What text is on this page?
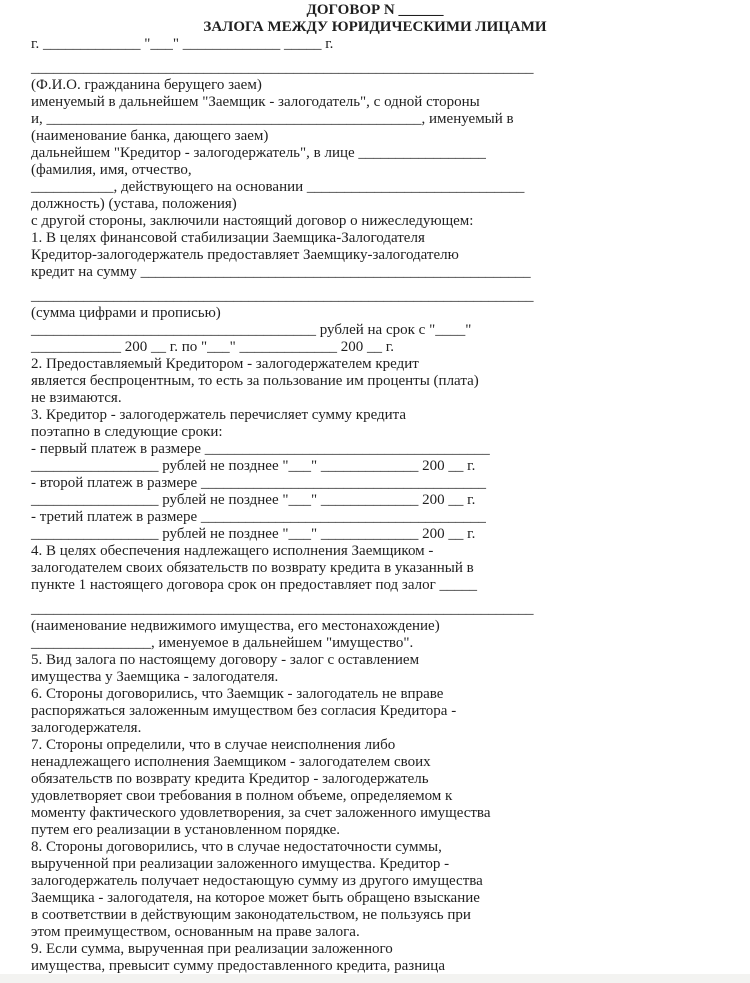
ДОГОВОР N ______
ЗАЛОГА МЕЖДУ ЮРИДИЧЕСКИМИ ЛИЦАМИ
г. _____________ "___" _____________ _____ г.
___________________________________________________________________
(Ф.И.О. гражданина берущего заем)
именуемый в дальнейшем "Заемщик - залогодатель", с одной стороны
и, __________________________________________________, именуемый в
(наименование банка, дающего заем)
дальнейшем "Кредитор - залогодержатель", в лице _________________
(фамилия, имя, отчество,
___________, действующего на основании _____________________________
должность) (устава, положения)
с другой стороны, заключили настоящий договор о нижеследующем:
1. В целях финансовой стабилизации Заемщика-Залогодателя
Кредитор-залогодержатель предоставляет Заемщику-залогодателю
кредит на сумму ____________________________________________________
___________________________________________________________________
(сумма цифрами и прописью)
______________________________________ рублей на срок с "____"
____________ 200 __ г. по "___" _____________ 200 __ г.
2. Предоставляемый Кредитором - залогодержателем кредит
является беспроцентным, то есть за пользование им проценты (плата)
не взимаются.
3. Кредитор - залогодержатель перечисляет сумму кредита
поэтапно в следующие сроки:
- первый платеж в размере ______________________________________
_________________ рублей не позднее "___" _____________ 200 __ г.
- второй платеж в размере ______________________________________
_________________ рублей не позднее "___" _____________ 200 __ г.
- третий платеж в размере ______________________________________
_________________ рублей не позднее "___" _____________ 200 __ г.
4. В целях обеспечения надлежащего исполнения Заемщиком -
залогодателем своих обязательств по возврату кредита в указанный в
пункте 1 настоящего договора срок он предоставляет под залог _____
___________________________________________________________________
(наименование недвижимого имущества, его местонахождение)
________________, именуемое в дальнейшем "имущество".
5. Вид залога по настоящему договору - залог с оставлением
имущества у Заемщика - залогодателя.
6. Стороны договорились, что Заемщик - залогодатель не вправе
распоряжаться заложенным имуществом без согласия Кредитора -
залогодержателя.
7. Стороны определили, что в случае неисполнения либо
ненадлежащего исполнения Заемщиком - залогодателем своих
обязательств по возврату кредита Кредитор - залогодержатель
удовлетворяет свои требования в полном объеме, определяемом к
моменту фактического удовлетворения, за счет заложенного имущества
путем его реализации в установленном порядке.
8. Стороны договорились, что в случае недостаточности суммы,
вырученной при реализации заложенного имущества. Кредитор -
залогодержатель получает недостающую сумму из другого имущества
Заемщика - залогодателя, на которое может быть обращено взыскание
в соответствии в действующим законодательством, не пользуясь при
этом преимуществом, основанным на праве залога.
9. Если сумма, вырученная при реализации заложенного
имущества, превысит сумму предоставленного кредита, разница
